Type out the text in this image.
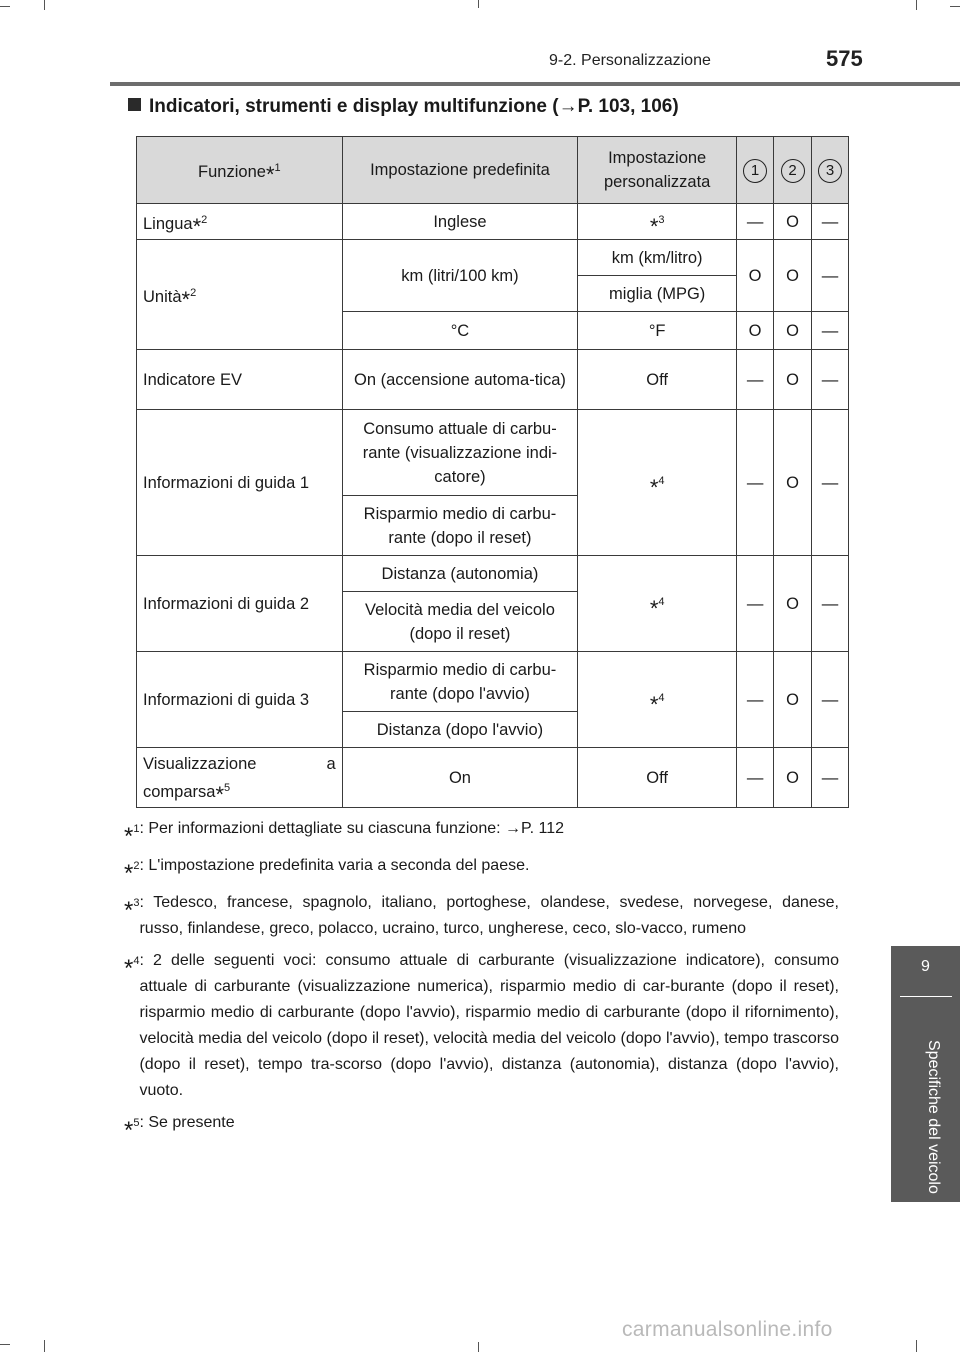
9-2. Personalizzazione	575
Indicatori, strumenti e display multifunzione (→P. 103, 106)
Funzione*$^1$	Impostazione predefinita	Impostazione personalizzata	1	2	3
Lingua*$^2$	Inglese	*$^3$	—	O	—
Unità*$^2$	km (litri/100 km)	km (km/litro)	O	O	—
		miglia (MPG)			
	°C	°F	O	O	—
Indicatore EV	On (accensione automa-tica)	Off	—	O	—
Informazioni di guida 1	Consumo attuale di carbu-rante (visualizzazione indi-catore)	*$^4$	—	O	—
	Risparmio medio di carbu-rante (dopo il reset)				
Informazioni di guida 2	Distanza (autonomia)	*$^4$	—	O	—
	Velocità media del veicolo (dopo il reset)				
Informazioni di guida 3	Risparmio medio di carbu-rante (dopo l'avvio)	*$^4$	—	O	—
	Distanza (dopo l'avvio)				

Visualizzazione a
comparsa*$^5$	On	Off	—	O	—
*$^1$ : Per informazioni dettagliate su ciascuna funzione: →P. 112
*$^2$ : L'impostazione predefinita varia a seconda del paese.
*$^3$ : Tedesco, francese, spagnolo, italiano, portoghese, olandese, svedese, norvegese, danese, russo, finlandese, greco, polacco, ucraino, turco, ungherese, ceco, slo-vacco, rumeno
*$^4$ : 2 delle seguenti voci: consumo attuale di carburante (visualizzazione indicatore), consumo attuale di carburante (visualizzazione numerica), risparmio medio di car-burante (dopo il reset), risparmio medio di carburante (dopo l'avvio), risparmio medio di carburante (dopo il rifornimento), velocità media del veicolo (dopo il reset), velocità media del veicolo (dopo l'avvio), tempo trascorso (dopo il reset), tempo tra-scorso (dopo l'avvio), distanza (autonomia), distanza (dopo l'avvio), vuoto.
*$^5$ : Se presente
9
Specifiche del veicolo
carmanualsonline.info
